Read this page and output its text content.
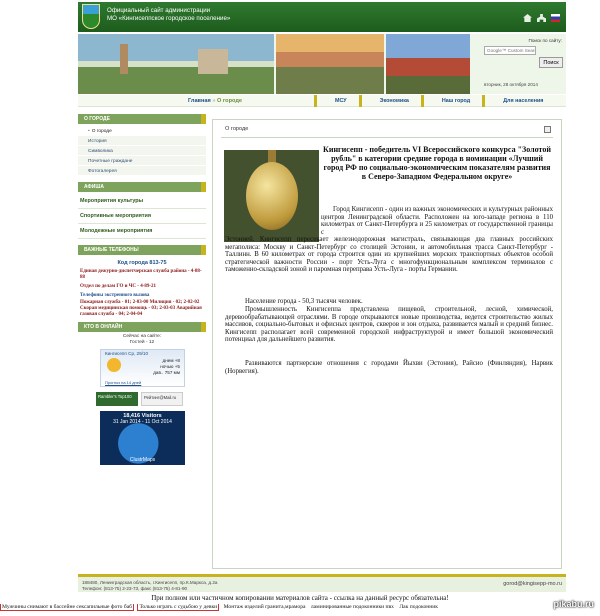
Официальный сайт администрации
МО «Кингисеппское городское поселение»
Поиск по сайту:
Google™ Custom Search
Поиск
вторник, 28 октября 2014
Главная » О городе	МСУ	Экономика	Наш город	Для населения
О ГОРОДЕ
• О городе
История
Символика
Почетные граждане
Фотогалерея
АФИША
Мероприятия культуры
Спортивные мероприятия
Молодежные мероприятия
ВАЖНЫЕ ТЕЛЕФОНЫ
Код города 813-75
Единая дежурно-диспетчерская служба района - 4-88-88
Отдел по делам ГО и ЧС - 4-89-21
Телефоны экстренного вызова
Пожарная служба - 01; 2-03-00 Милиция - 02; 2-02-02 Скорая медицинская помощь - 03; 2-03-03 Аварийная газовая служба - 04; 2-04-04
КТО В ОНЛАЙН
Сейчас на сайте:
Гостей - 12
Кингисепп Ср, 29/10
днем +8
ночью +5
дав.. 757 мм
Прогноз на 14 дней
Rambler's Top100	Рейтинг@Mail.ru
18,416 Visitors
31 Jan 2014 - 11 Oct 2014
ClustrMaps
О городе
Кингисепп - победитель VI Всероссийского конкурса "Золотой рубль" в категории средние города в номинации «Лучший город РФ по социально-экономическим показателям развития в Северо-Западном Федеральном округе»
Город Кингисепп - один из важных экономических и культурных районных центров Ленинградской области. Расположен на юго-западе региона в 110 километрах от Санкт-Петербурга и 25 километрах от государственной границы с
Эстонией. Кингисепп пересекает железнодорожная магистраль, связывающая два главных российских мегаполиса: Москву и Санкт-Петербург со столицей Эстонии, и автомобильная трасса Санкт-Петербург - Таллинн. В 60 километрах от города строится один из крупнейших морских транспортных объектов особой стратегической важности России - порт Усть-Луга с многофункциональным комплексом терминалов с таможенно-складской зоной и паромная переправа Усть-Луга - порты Германии.
Население города - 50,3 тысячи человек.
Промышленность Кингисеппа представлена пищевой, строительной, лесной, химической, деревообрабатывающей отраслями. В городе открываются новые производства, ведется строительство жилых массивов, социально-бытовых и офисных центров, скверов и зон отдыха, развивается малый и средний бизнес. Кингисепп располагает всей современной городской инфраструктурой и имеет большой экономический потенциал для дальнейшего развития.
Развиваются партнерские отношения с городами Йыхви (Эстония), Райсио (Финляндия), Нарвик (Норвегия).
188480, Ленинградская область, г.Кингисепп, пр.К.Маркса, д.2а
Телефон: (813-75) 2-23-73, факс (813-75) 4-81-90
gorod@kingisepp-mo.ru
При полном или частичном копировании материалов сайта - ссылка на данный ресурс обязательна!
Мужчины снимают в бассейне сексапильные фото баб Только играть с судьбою у девки Монтаж изделий гранита,мрамора ламинированные подоконники пвх Лак подоконник	pikabu.ru
